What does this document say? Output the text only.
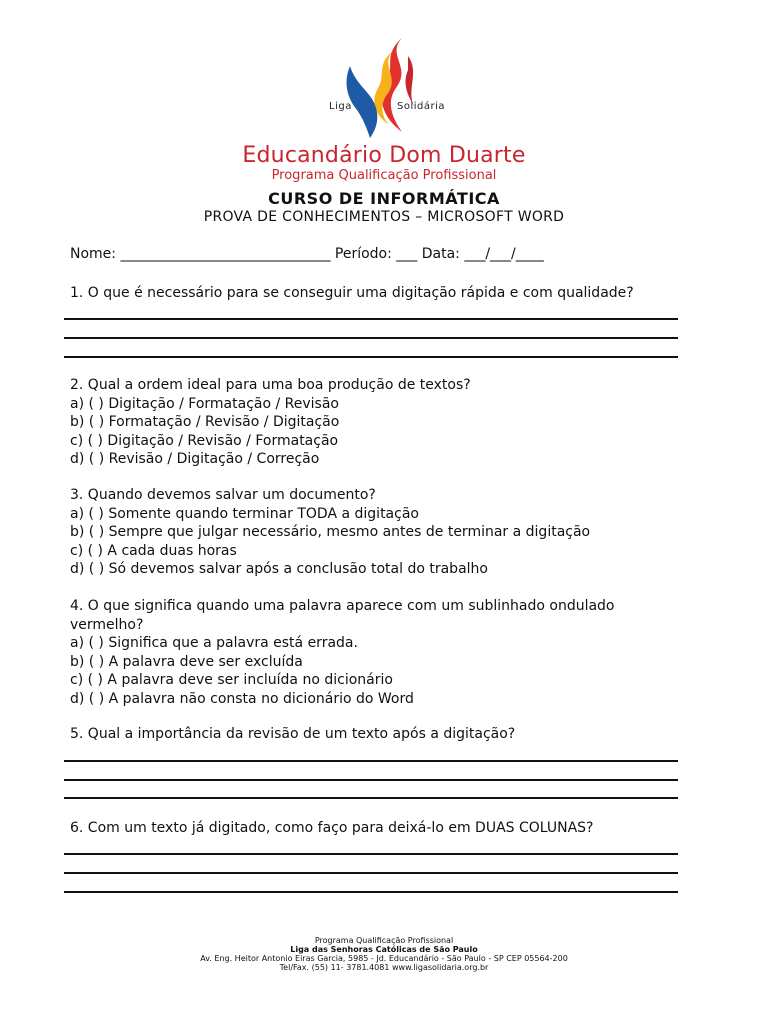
Liga	Solidária
Educandário Dom Duarte
Programa Qualificação Profissional
CURSO DE INFORMÁTICA
PROVA DE CONHECIMENTOS – MICROSOFT WORD
Nome: ______________________________ Período: ___ Data: ___/___/____
1. O que é necessário para se conseguir uma digitação rápida e com qualidade?
2. Qual a ordem ideal para uma boa produção de textos?
a) ( ) Digitação / Formatação / Revisão
b) ( ) Formatação / Revisão / Digitação
c) ( ) Digitação / Revisão / Formatação
d) ( ) Revisão / Digitação / Correção
3. Quando devemos salvar um documento?
a) ( ) Somente quando terminar TODA a digitação
b) ( ) Sempre que julgar necessário, mesmo antes de terminar a digitação
c) ( ) A cada duas horas
d) ( ) Só devemos salvar após a conclusão total do trabalho
4. O que significa quando uma palavra aparece com um sublinhado ondulado
vermelho?
a) ( ) Significa que a palavra está errada.
b) ( ) A palavra deve ser excluída
c) ( ) A palavra deve ser incluída no dicionário
d) ( ) A palavra não consta no dicionário do Word
5. Qual a importância da revisão de um texto após a digitação?
6. Com um texto já digitado, como faço para deixá-lo em DUAS COLUNAS?
Programa Qualificação Profissional
Liga das Senhoras Católicas de São Paulo
Av. Eng. Heitor Antonio Eiras Garcia, 5985 - Jd. Educandário - São Paulo - SP CEP 05564-200
Tel/Fax. (55) 11- 3781.4081 www.ligasolidaria.org.br
